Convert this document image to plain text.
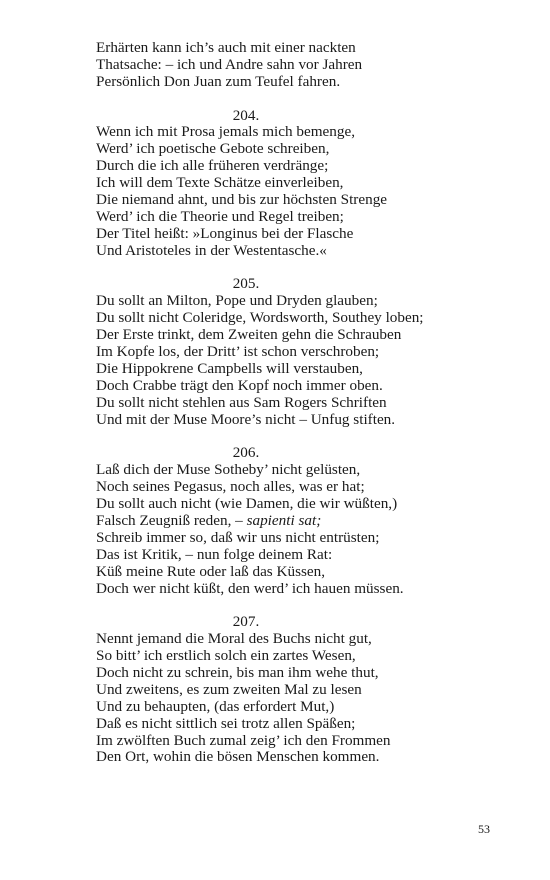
Erhärten kann ich’s auch mit einer nackten
Thatsache: – ich und Andre sahn vor Jahren
Persönlich Don Juan zum Teufel fahren.
204.
Wenn ich mit Prosa jemals mich bemenge,
Werd’ ich poetische Gebote schreiben,
Durch die ich alle früheren verdränge;
Ich will dem Texte Schätze einverleiben,
Die niemand ahnt, und bis zur höchsten Strenge
Werd’ ich die Theorie und Regel treiben;
Der Titel heißt: »Longinus bei der Flasche
Und Aristoteles in der Westentasche.«
205.
Du sollt an Milton, Pope und Dryden glauben;
Du sollt nicht Coleridge, Wordsworth, Southey loben;
Der Erste trinkt, dem Zweiten gehn die Schrauben
Im Kopfe los, der Dritt’ ist schon verschroben;
Die Hippokrene Campbells will verstauben,
Doch Crabbe trägt den Kopf noch immer oben.
Du sollt nicht stehlen aus Sam Rogers Schriften
Und mit der Muse Moore’s nicht – Unfug stiften.
206.
Laß dich der Muse Sotheby’ nicht gelüsten,
Noch seines Pegasus, noch alles, was er hat;
Du sollt auch nicht (wie Damen, die wir wüßten,)
Falsch Zeugniß reden, – sapienti sat;
Schreib immer so, daß wir uns nicht entrüsten;
Das ist Kritik, – nun folge deinem Rat:
Küß meine Rute oder laß das Küssen,
Doch wer nicht küßt, den werd’ ich hauen müssen.
207.
Nennt jemand die Moral des Buchs nicht gut,
So bitt’ ich erstlich solch ein zartes Wesen,
Doch nicht zu schrein, bis man ihm wehe thut,
Und zweitens, es zum zweiten Mal zu lesen
Und zu behaupten, (das erfordert Mut,)
Daß es nicht sittlich sei trotz allen Späßen;
Im zwölften Buch zumal zeig’ ich den Frommen
Den Ort, wohin die bösen Menschen kommen.
53
